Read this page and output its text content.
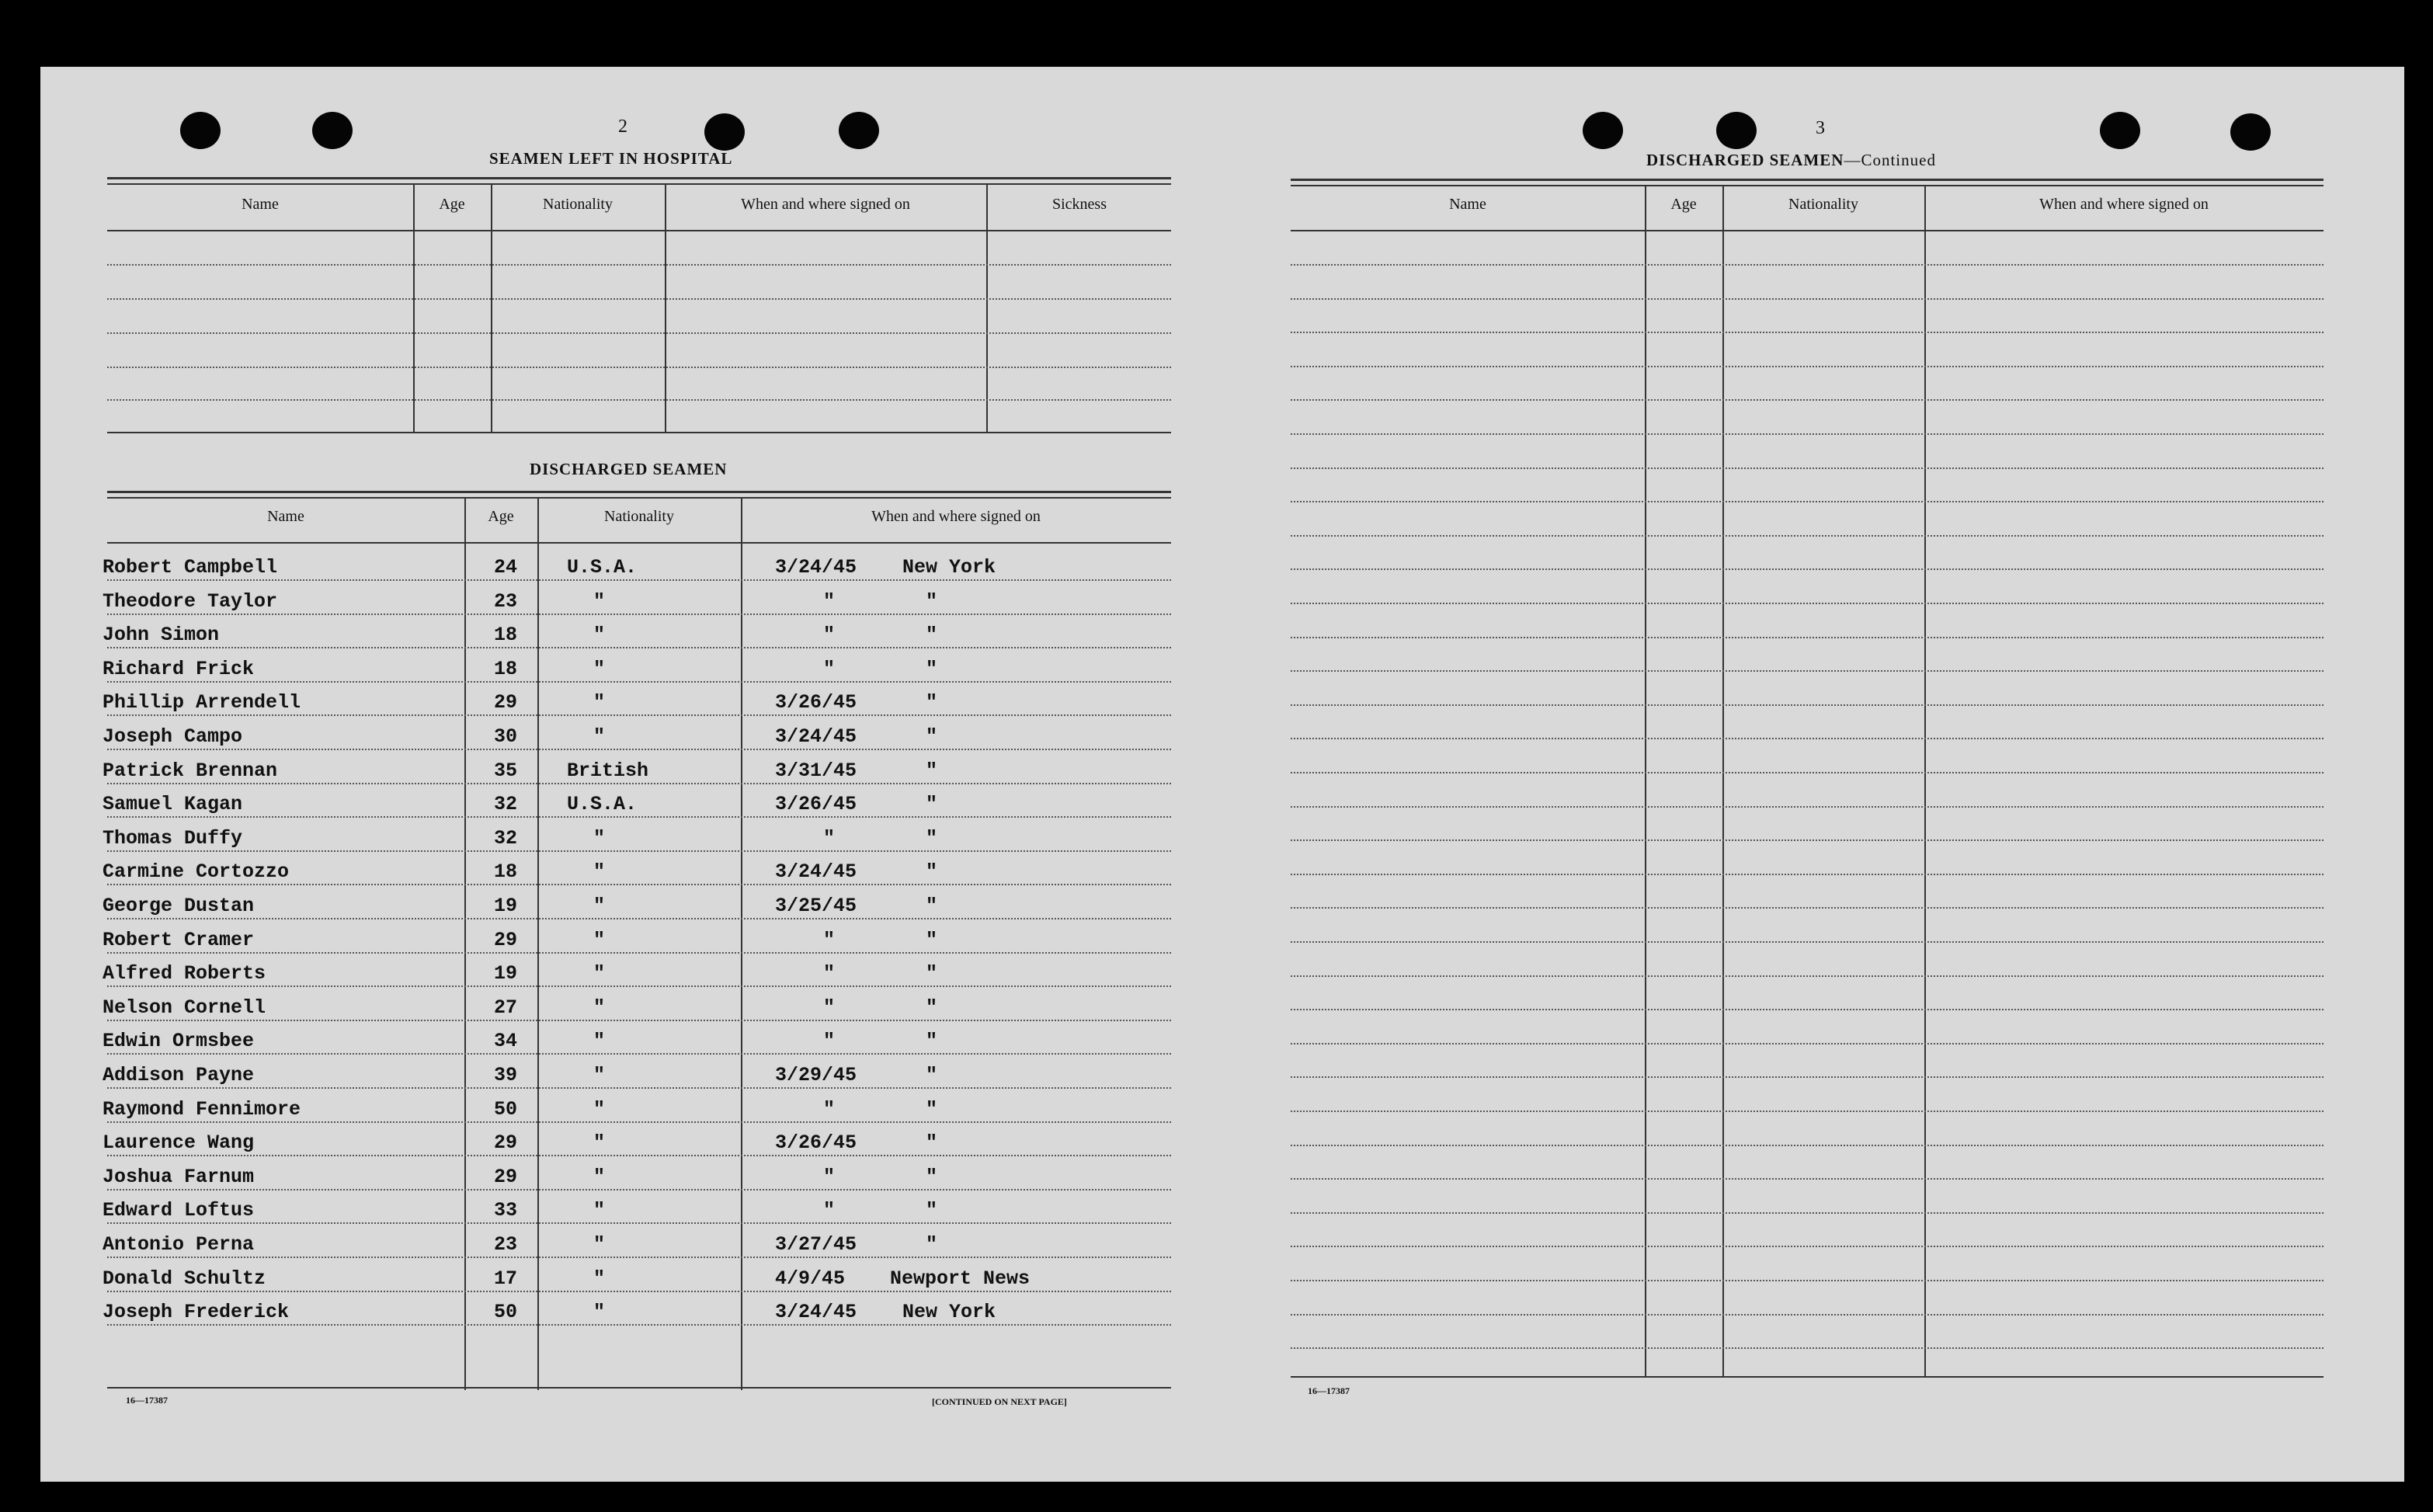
2
SEAMEN LEFT IN HOSPITAL
Name	Age	Nationality	When and where signed on	Sickness
DISCHARGED SEAMEN
Name	Age	Nationality	When and where signed on
Robert Campbell	24	U.S.A.	3/24/45 New York
Theodore Taylor	23	"	"	"
John Simon	18	"	"	"
Richard Frick	18	"	"	"
Phillip Arrendell	29	"	3/26/45	"
Joseph Campo	30	"	3/24/45	"
Patrick Brennan	35	British	3/31/45	"
Samuel Kagan	32	U.S.A.	3/26/45	"
Thomas Duffy	32	"	"	"
Carmine Cortozzo	18	"	3/24/45	"
George Dustan	19	"	3/25/45	"
Robert Cramer	29	"	"	"
Alfred Roberts	19	"	"	"
Nelson Cornell	27	"	"	"
Edwin Ormsbee	34	"	"	"
Addison Payne	39	"	3/29/45	"
Raymond Fennimore	50	"	"	"
Laurence Wang	29	"	3/26/45	"
Joshua Farnum	29	"	"	"
Edward Loftus	33	"	"	"
Antonio Perna	23	"	3/27/45	"
Donald Schultz	17	"	4/9/45 Newport News
Joseph Frederick	50	"	3/24/45 New York
16—17387	[CONTINUED ON NEXT PAGE]
3
DISCHARGED SEAMEN—Continued
Name	Age	Nationality	When and where signed on
16—17387
